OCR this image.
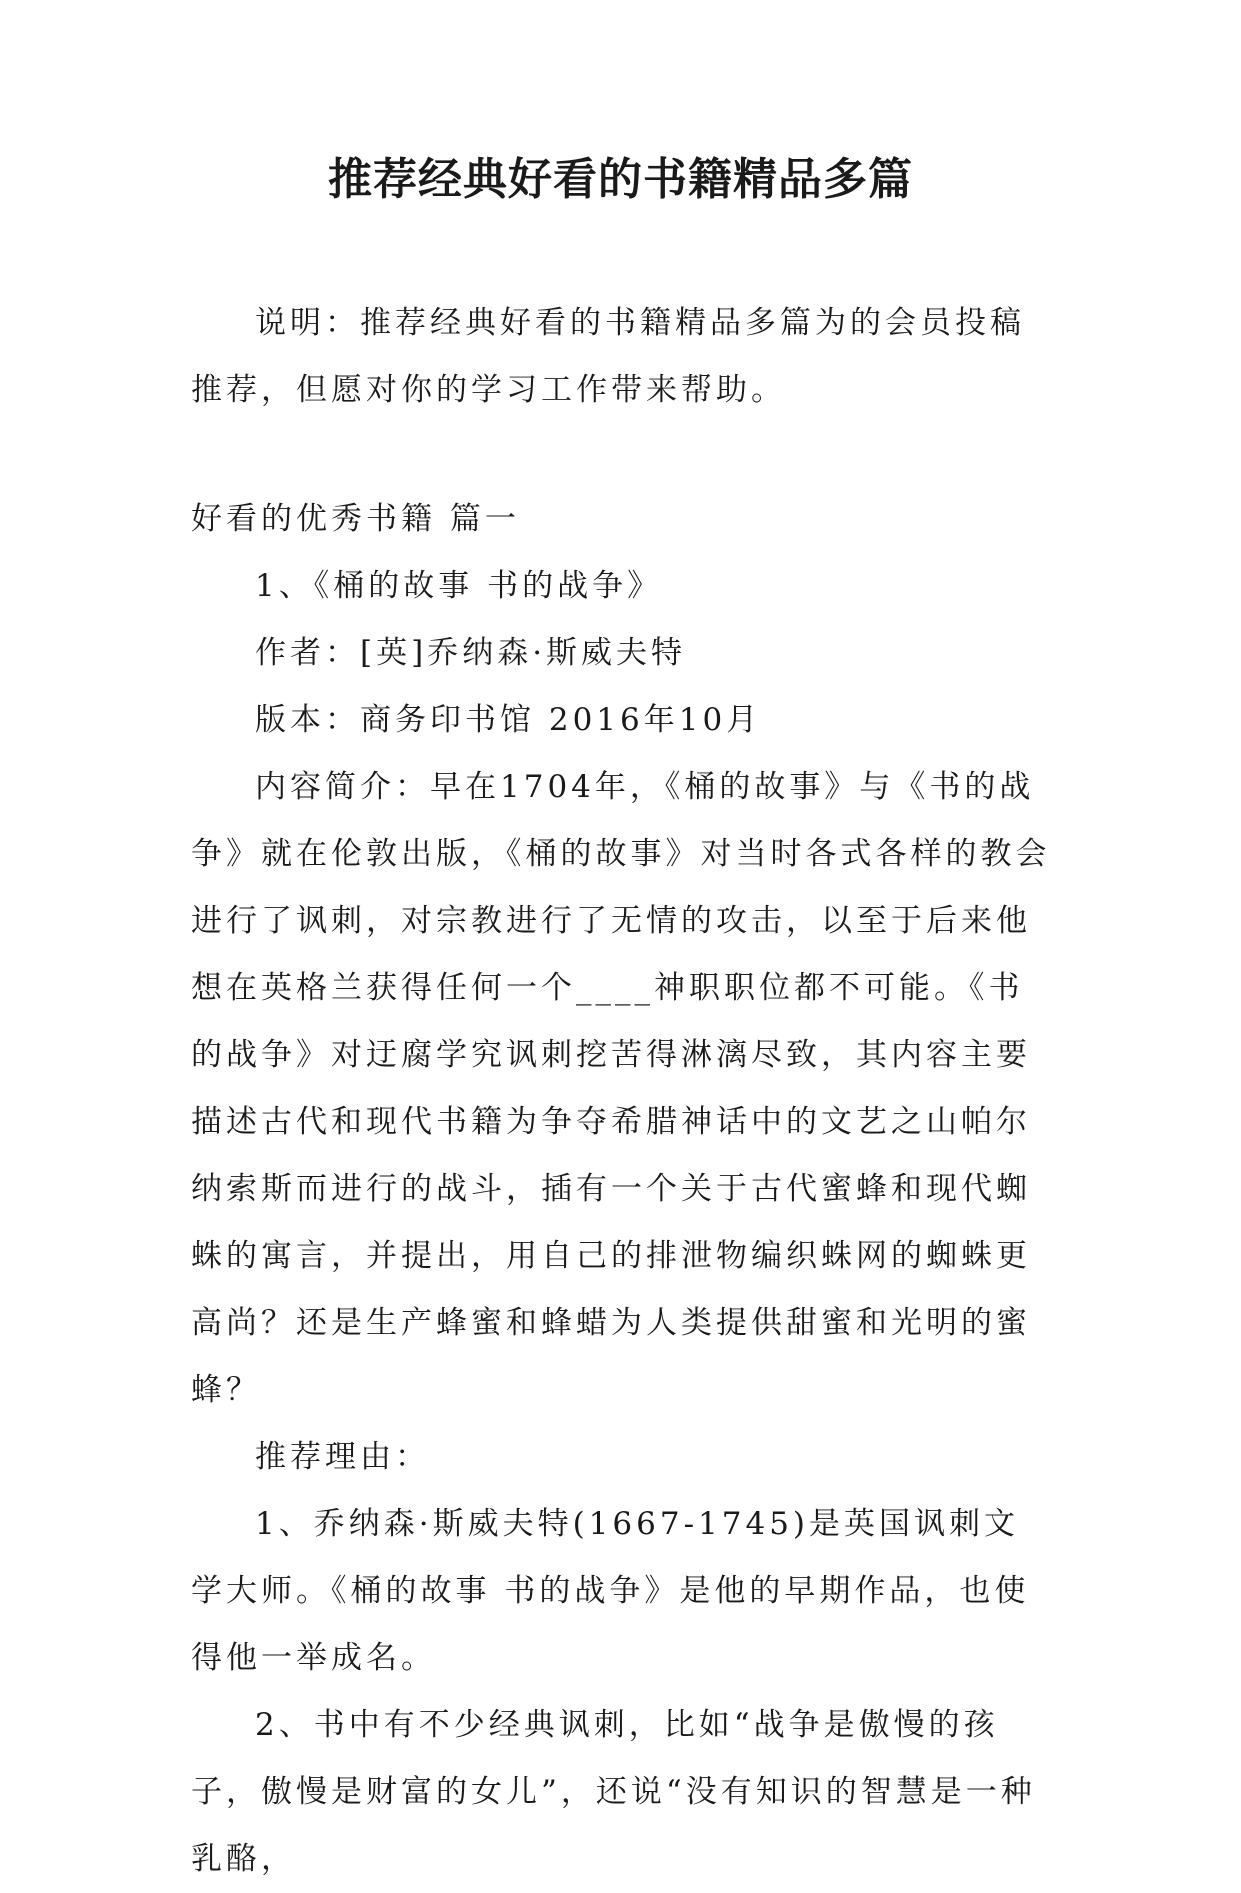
推荐经典好看的书籍精品多篇

说明：推荐经典好看的书籍精品多篇为的会员投稿推荐，但愿对你的学习工作带来帮助。

好看的优秀书籍 篇一

1、《桶的故事 书的战争》

作者：[英]乔纳森·斯威夫特

版本：商务印书馆 2016年10月

内容简介：早在1704年，《桶的故事》与《书的战争》就在伦敦出版，《桶的故事》对当时各式各样的教会进行了讽刺，对宗教进行了无情的攻击，以至于后来他想在英格兰获得任何一个____神职职位都不可能。《书的战争》对迂腐学究讽刺挖苦得淋漓尽致，其内容主要描述古代和现代书籍为争夺希腊神话中的文艺之山帕尔纳索斯而进行的战斗，插有一个关于古代蜜蜂和现代蜘蛛的寓言，并提出，用自己的排泄物编织蛛网的蜘蛛更高尚？还是生产蜂蜜和蜂蜡为人类提供甜蜜和光明的蜜蜂？

推荐理由：

1、乔纳森·斯威夫特(1667-1745)是英国讽刺文学大师。《桶的故事 书的战争》是他的早期作品，也使得他一举成名。

2、书中有不少经典讽刺，比如“战争是傲慢的孩子，傲慢是财富的女儿”，还说“没有知识的智慧是一种乳酪，
